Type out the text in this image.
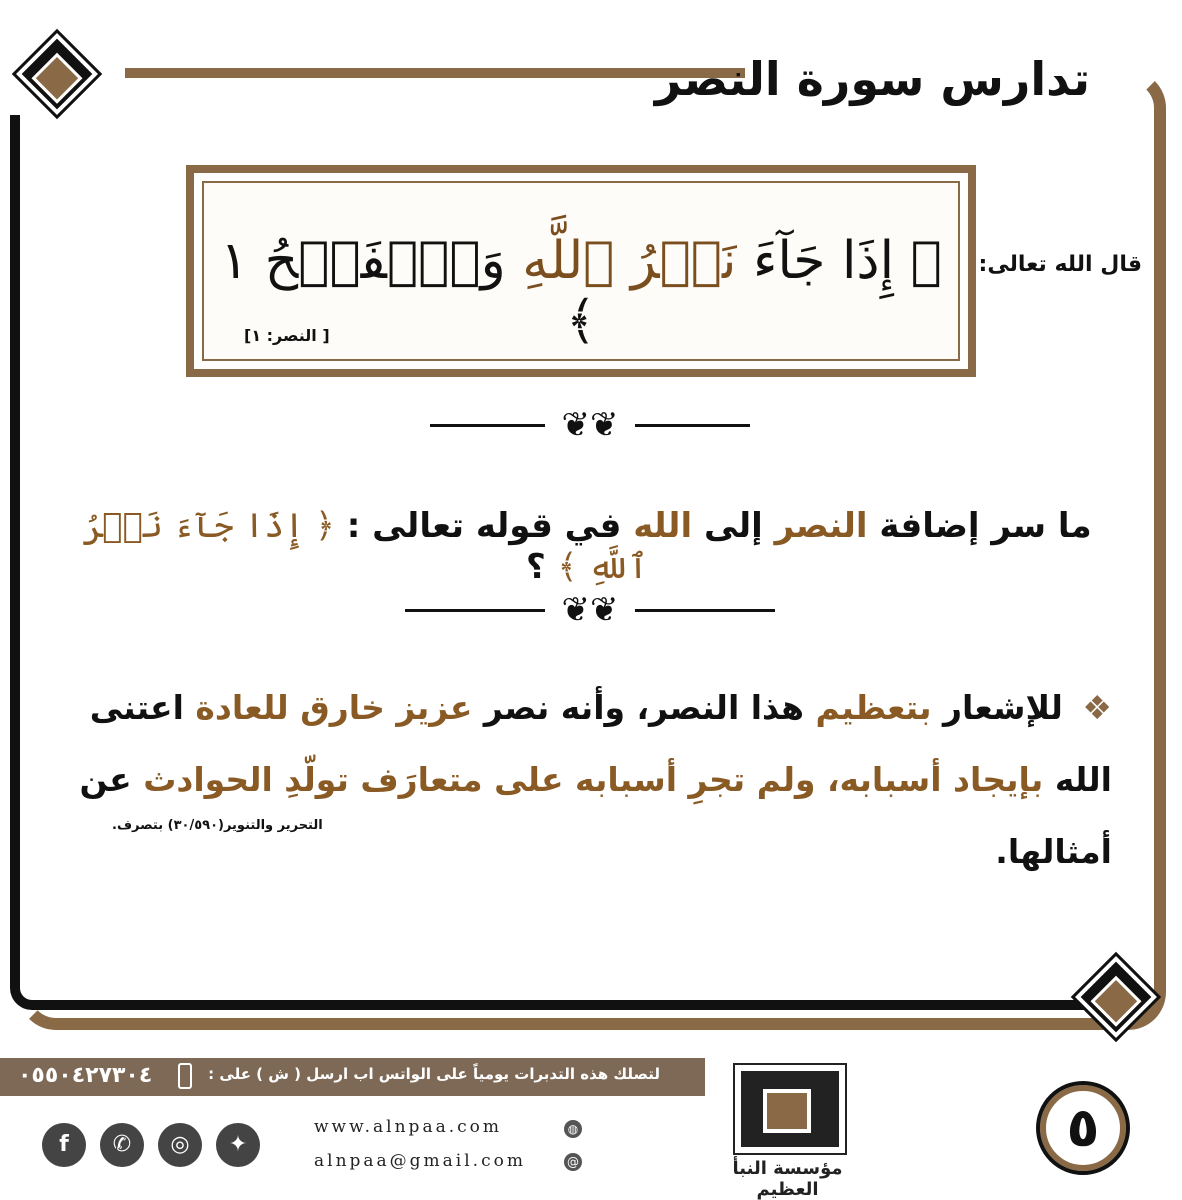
تدارس سورة النصر
﴿ إِذَا جَآءَ نَصۡرُ ٱللَّهِ وَٱلۡفَتۡحُ ١ ﴾
[ النصر: ١]
قال الله تعالى:
❦❦
ما سر إضافة النصر إلى الله في قوله تعالى : ﴿ إِذَا جَآءَ نَصۡرُ ٱللَّهِ ﴾ ؟
❦❦
❖ للإشعار بتعظيم هذا النصر، وأنه نصر عزيز خارق للعادة اعتنى الله بإيجاد أسبابه، ولم تجرِ أسبابه على متعارَف تولّدِ الحوادث عن أمثالها.
التحرير والتنوير(٣٠/٥٩٠) بتصرف.
لتصلك هذه التدبرات يومياً على الواتس اب ارسل ( ش ) على :
٠٥٥٠٤٢٧٣٠٤
f	✆	◎	✦
www.alnpaa.com	◍
alnpaa@gmail.com	@	مؤسسة النبأ العظيم
٥
